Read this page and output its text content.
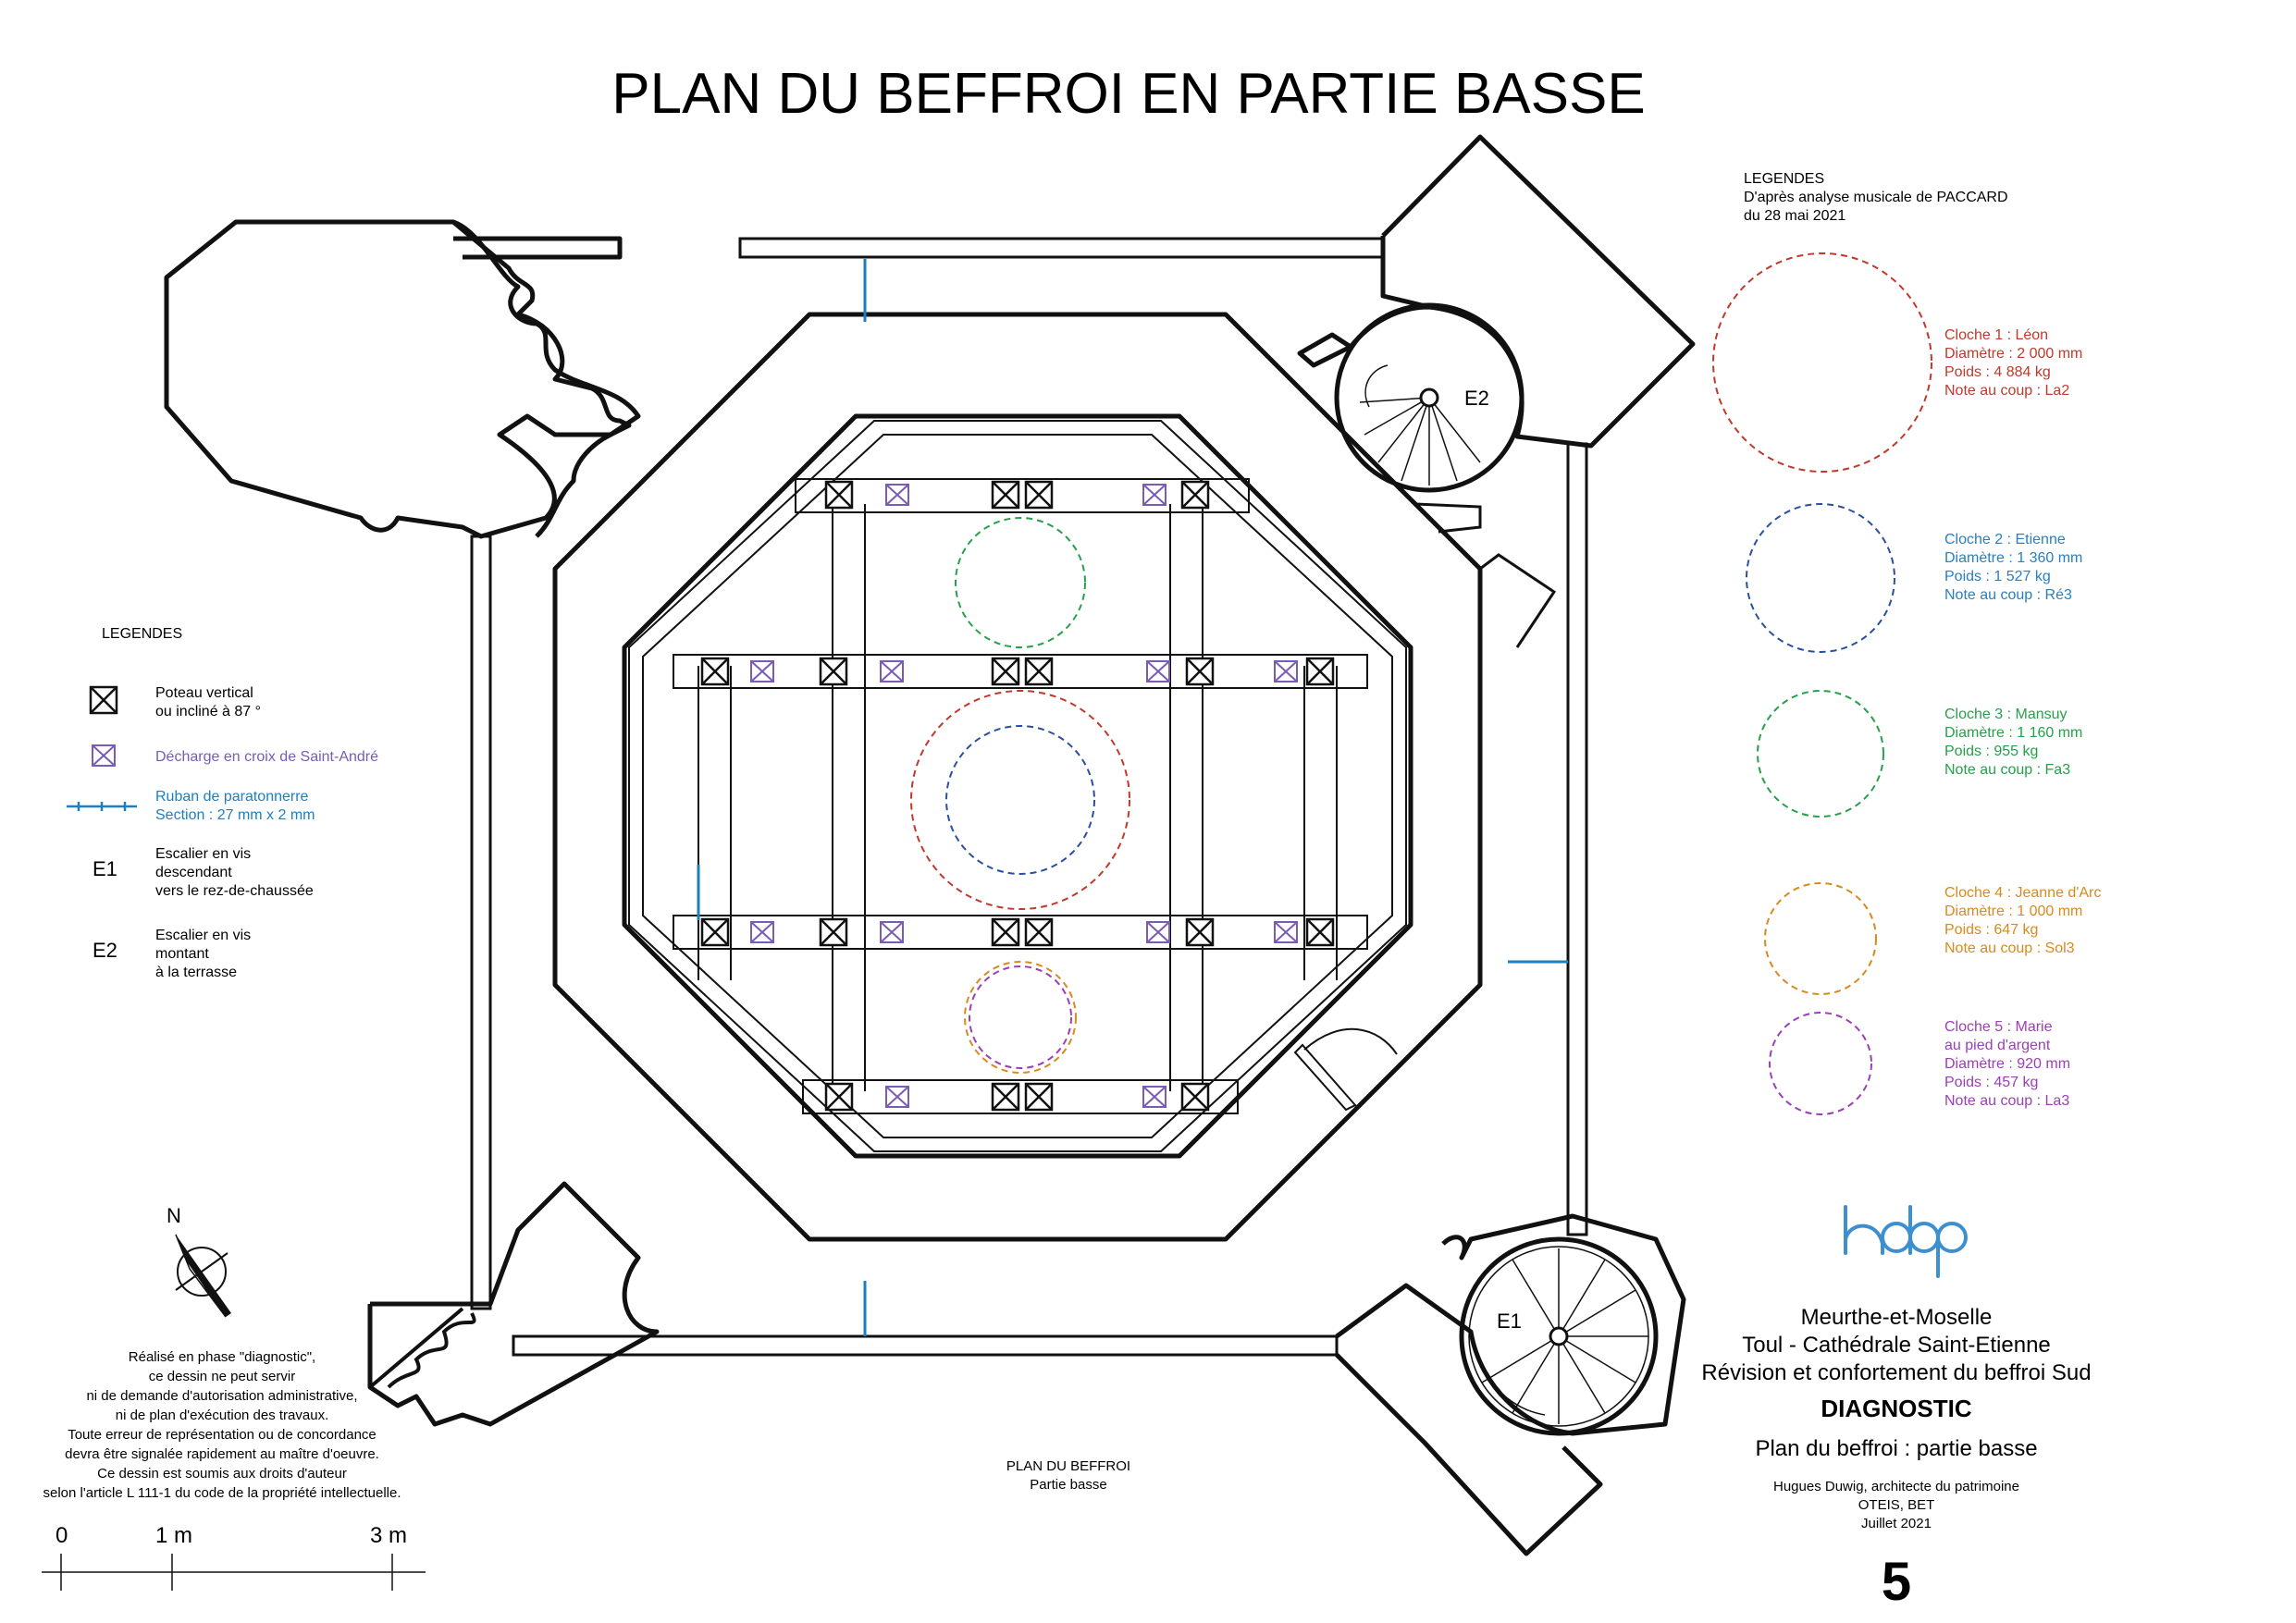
PLAN DU BEFFROI EN PARTIE BASSE
E2
E1
LEGENDES
Poteau vertical
ou incliné à 87 °
Décharge en croix de Saint-André
Ruban de paratonnerre
Section : 27 mm x 2 mm
E1
Escalier en vis
descendant
vers le rez-de-chaussée
E2
Escalier en vis
montant
à la terrasse
LEGENDES
D'après analyse musicale de PACCARD
du 28 mai 2021
Cloche 1 : Léon
Diamètre : 2 000 mm
Poids : 4 884 kg
Note au coup : La2
Cloche 2 : Etienne
Diamètre : 1 360 mm
Poids : 1 527 kg
Note au coup : Ré3
Cloche 3 : Mansuy
Diamètre : 1 160 mm
Poids : 955 kg
Note au coup : Fa3
Cloche 4 : Jeanne d'Arc
Diamètre : 1 000 mm
Poids : 647 kg
Note au coup : Sol3
Cloche 5 : Marie
au pied d'argent
Diamètre : 920 mm
Poids : 457 kg
Note au coup : La3
N
Réalisé en phase "diagnostic",
ce dessin ne peut servir
ni de demande d'autorisation administrative,
ni de plan d'exécution des travaux.
Toute erreur de représentation ou de concordance
devra être signalée rapidement au maître d'oeuvre.
Ce dessin est soumis aux droits d'auteur
selon l'article L 111-1 du code de la propriété intellectuelle.
0	1 m	3 m
PLAN DU BEFFROI
Partie basse
Meurthe-et-Moselle
Toul - Cathédrale Saint-Etienne
Révision et confortement du beffroi Sud
DIAGNOSTIC
Plan du beffroi : partie basse
Hugues Duwig, architecte du patrimoine
OTEIS, BET
Juillet 2021
5
